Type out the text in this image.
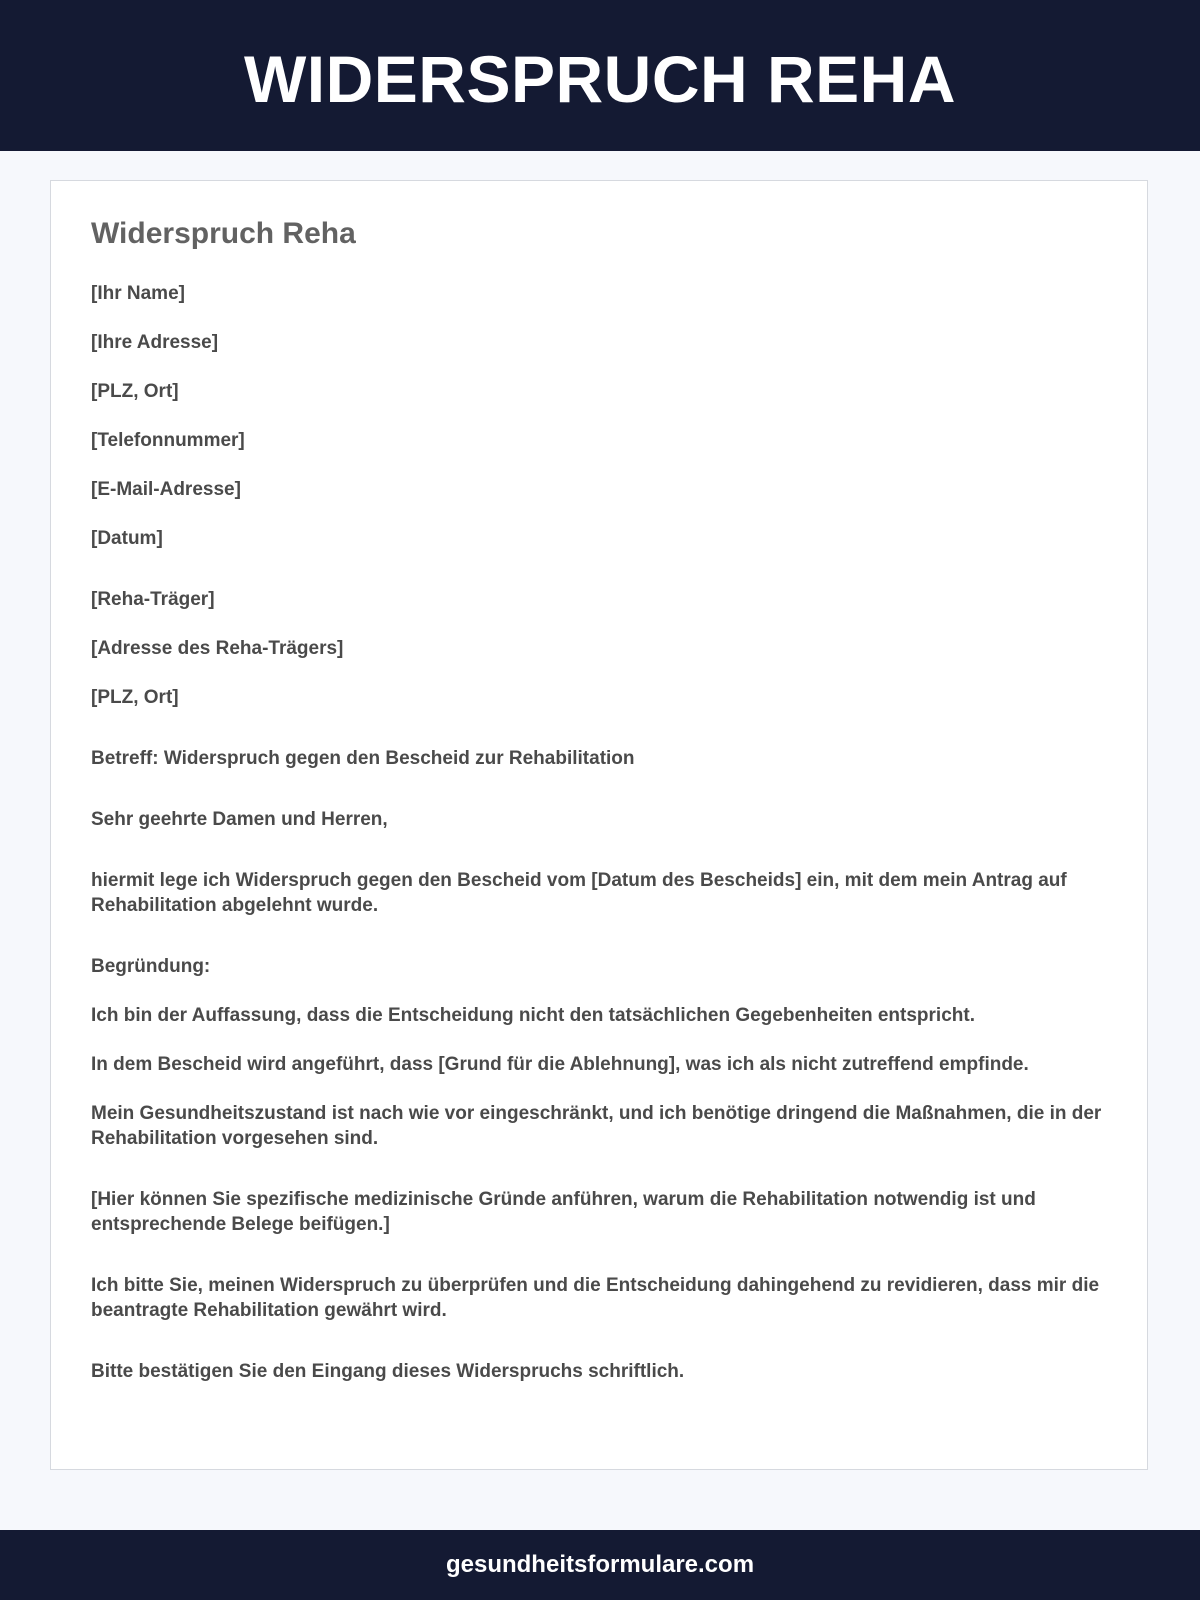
WIDERSPRUCH REHA
Widerspruch Reha

[Ihr Name]

[Ihre Adresse]

[PLZ, Ort]

[Telefonnummer]

[E-Mail-Adresse]

[Datum]

[Reha-Träger]

[Adresse des Reha-Trägers]

[PLZ, Ort]

Betreff: Widerspruch gegen den Bescheid zur Rehabilitation

Sehr geehrte Damen und Herren,

hiermit lege ich Widerspruch gegen den Bescheid vom [Datum des Bescheids] ein, mit dem mein Antrag auf Rehabilitation abgelehnt wurde.

Begründung:

Ich bin der Auffassung, dass die Entscheidung nicht den tatsächlichen Gegebenheiten entspricht.

In dem Bescheid wird angeführt, dass [Grund für die Ablehnung], was ich als nicht zutreffend empfinde.

Mein Gesundheitszustand ist nach wie vor eingeschränkt, und ich benötige dringend die Maßnahmen, die in der Rehabilitation vorgesehen sind.

[Hier können Sie spezifische medizinische Gründe anführen, warum die Rehabilitation notwendig ist und entsprechende Belege beifügen.]

Ich bitte Sie, meinen Widerspruch zu überprüfen und die Entscheidung dahingehend zu revidieren, dass mir die beantragte Rehabilitation gewährt wird.

Bitte bestätigen Sie den Eingang dieses Widerspruchs schriftlich.

gesundheitsformulare.com
